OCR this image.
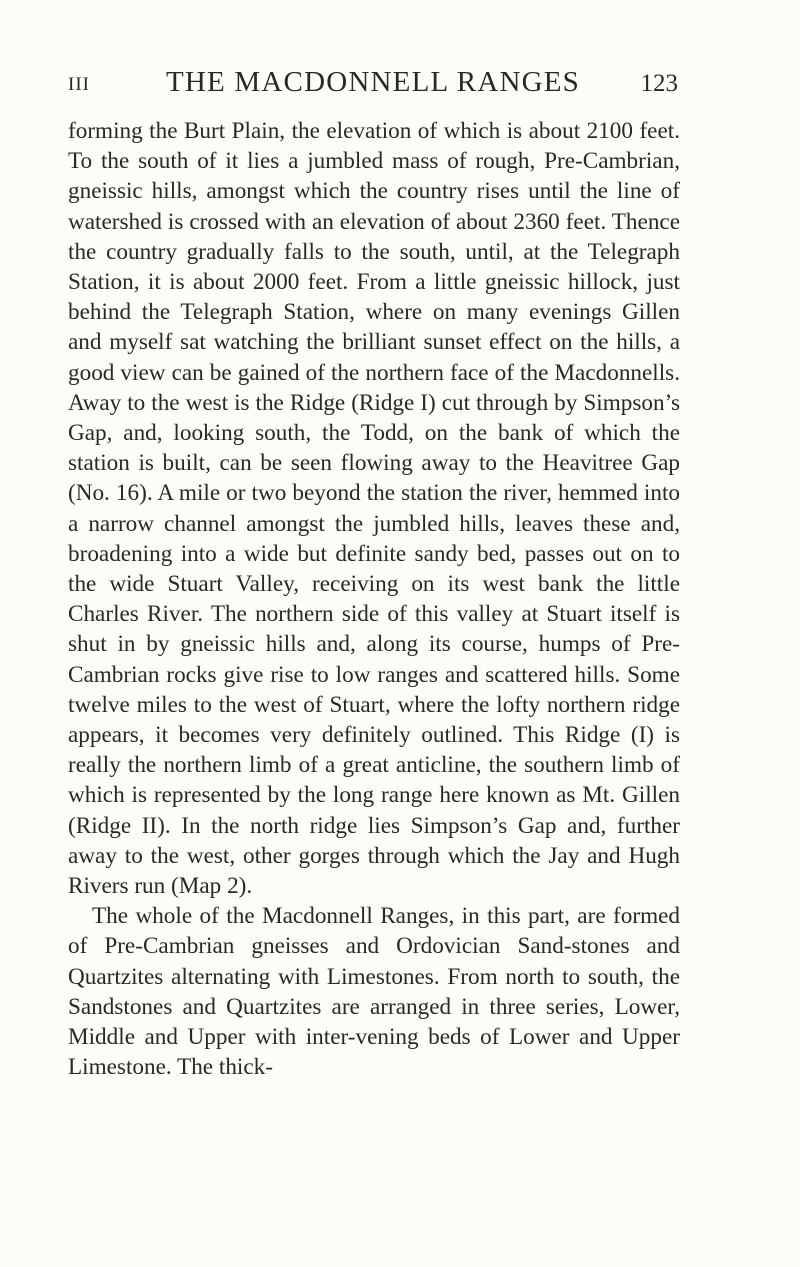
III	THE MACDONNELL RANGES	123

forming the Burt Plain, the elevation of which is about 2100 feet. To the south of it lies a jumbled mass of rough, Pre-Cambrian, gneissic hills, amongst which the country rises until the line of watershed is crossed with an elevation of about 2360 feet. Thence the country gradually falls to the south, until, at the Telegraph Station, it is about 2000 feet. From a little gneissic hillock, just behind the Telegraph Station, where on many evenings Gillen and myself sat watching the brilliant sunset effect on the hills, a good view can be gained of the northern face of the Macdonnells. Away to the west is the Ridge (Ridge I) cut through by Simpson’s Gap, and, looking south, the Todd, on the bank of which the station is built, can be seen flowing away to the Heavitree Gap (No. 16). A mile or two beyond the station the river, hemmed into a narrow channel amongst the jumbled hills, leaves these and, broadening into a wide but definite sandy bed, passes out on to the wide Stuart Valley, receiving on its west bank the little Charles River. The northern side of this valley at Stuart itself is shut in by gneissic hills and, along its course, humps of Pre-Cambrian rocks give rise to low ranges and scattered hills. Some twelve miles to the west of Stuart, where the lofty northern ridge appears, it becomes very definitely outlined. This Ridge (I) is really the northern limb of a great anticline, the southern limb of which is represented by the long range here known as Mt. Gillen (Ridge II). In the north ridge lies Simpson’s Gap and, further away to the west, other gorges through which the Jay and Hugh Rivers run (Map 2).

The whole of the Macdonnell Ranges, in this part, are formed of Pre-Cambrian gneisses and Ordovician Sand-stones and Quartzites alternating with Limestones. From north to south, the Sandstones and Quartzites are arranged in three series, Lower, Middle and Upper with inter-vening beds of Lower and Upper Limestone. The thick-
